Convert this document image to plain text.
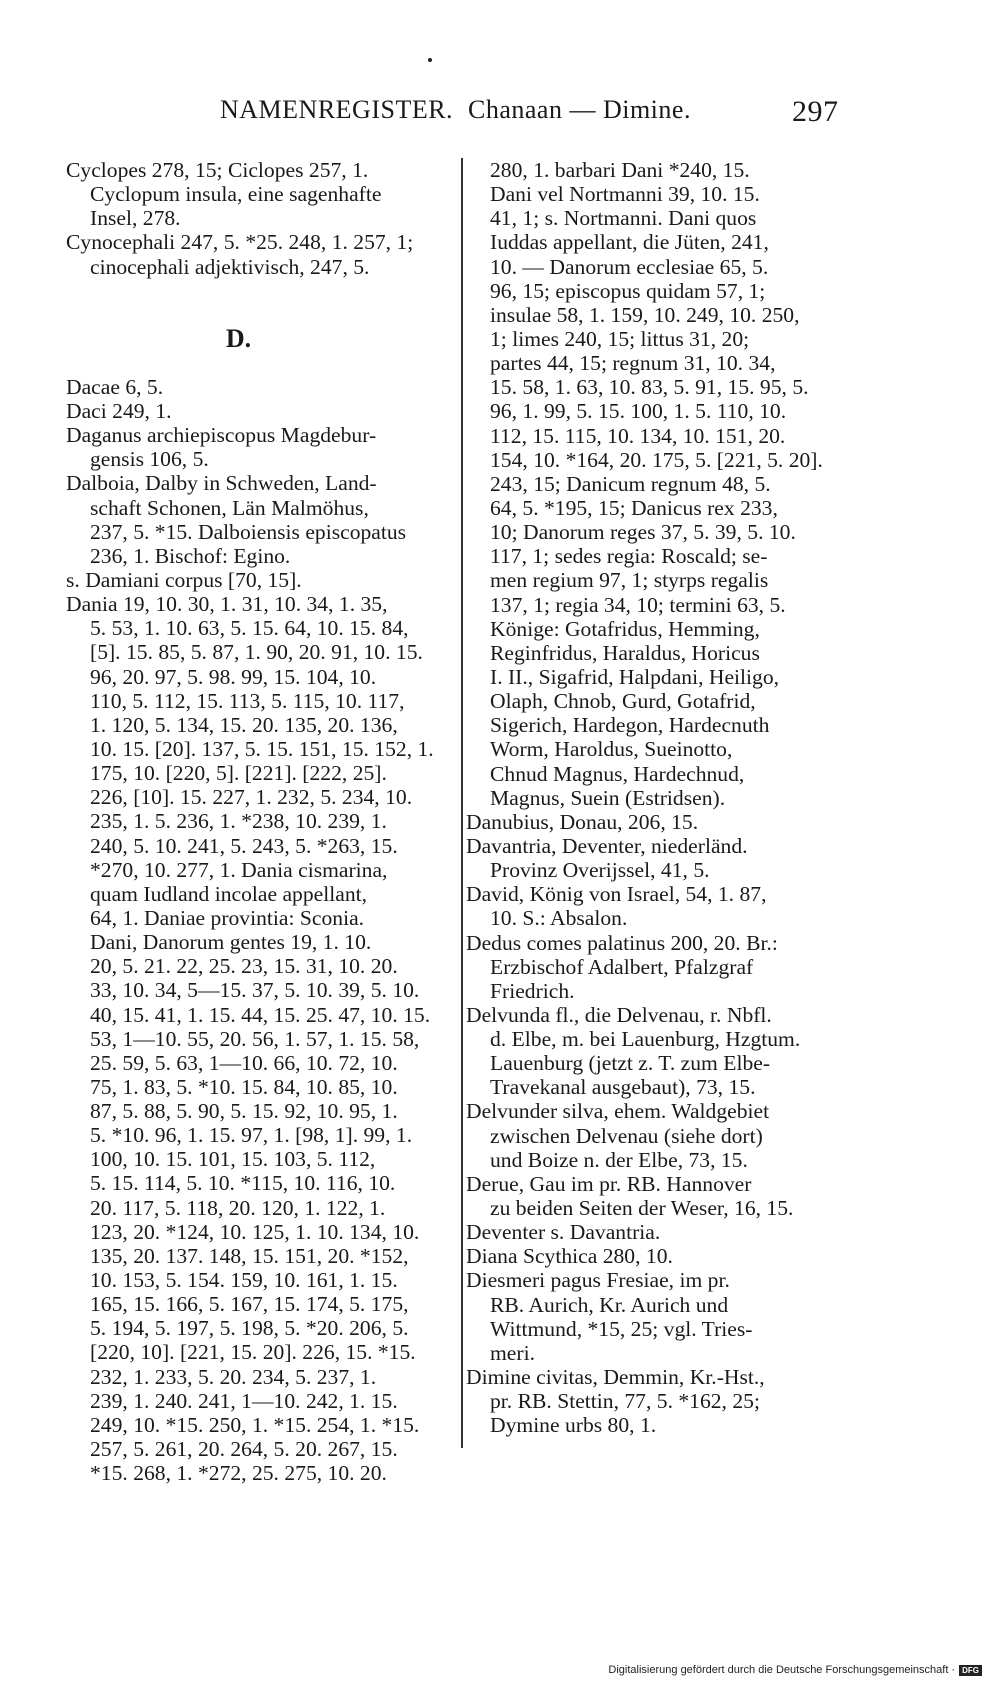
NAMENREGISTER. Chanaan — Dimine.	297
Cyclopes 278, 15; Ciclopes 257, 1.
Cyclopum insula, eine sagenhafte
Insel, 278.
Cynocephali 247, 5. *25. 248, 1. 257, 1;
cinocephali adjektivisch, 247, 5.
D.
Dacae 6, 5.
Daci 249, 1.
Daganus archiepiscopus Magdebur-
gensis 106, 5.
Dalboia, Dalby in Schweden, Land-
schaft Schonen, Län Malmöhus,
237, 5. *15. Dalboiensis episcopatus
236, 1. Bischof: Egino.
s. Damiani corpus [70, 15].
Dania 19, 10. 30, 1. 31, 10. 34, 1. 35,
5. 53, 1. 10. 63, 5. 15. 64, 10. 15. 84,
[5]. 15. 85, 5. 87, 1. 90, 20. 91, 10. 15.
96, 20. 97, 5. 98. 99, 15. 104, 10.
110, 5. 112, 15. 113, 5. 115, 10. 117,
1. 120, 5. 134, 15. 20. 135, 20. 136,
10. 15. [20]. 137, 5. 15. 151, 15. 152, 1.
175, 10. [220, 5]. [221]. [222, 25].
226, [10]. 15. 227, 1. 232, 5. 234, 10.
235, 1. 5. 236, 1. *238, 10. 239, 1.
240, 5. 10. 241, 5. 243, 5. *263, 15.
*270, 10. 277, 1. Dania cismarina,
quam Iudland incolae appellant,
64, 1. Daniae provintia: Sconia.
Dani, Danorum gentes 19, 1. 10.
20, 5. 21. 22, 25. 23, 15. 31, 10. 20.
33, 10. 34, 5—15. 37, 5. 10. 39, 5. 10.
40, 15. 41, 1. 15. 44, 15. 25. 47, 10. 15.
53, 1—10. 55, 20. 56, 1. 57, 1. 15. 58,
25. 59, 5. 63, 1—10. 66, 10. 72, 10.
75, 1. 83, 5. *10. 15. 84, 10. 85, 10.
87, 5. 88, 5. 90, 5. 15. 92, 10. 95, 1.
5. *10. 96, 1. 15. 97, 1. [98, 1]. 99, 1.
100, 10. 15. 101, 15. 103, 5. 112,
5. 15. 114, 5. 10. *115, 10. 116, 10.
20. 117, 5. 118, 20. 120, 1. 122, 1.
123, 20. *124, 10. 125, 1. 10. 134, 10.
135, 20. 137. 148, 15. 151, 20. *152,
10. 153, 5. 154. 159, 10. 161, 1. 15.
165, 15. 166, 5. 167, 15. 174, 5. 175,
5. 194, 5. 197, 5. 198, 5. *20. 206, 5.
[220, 10]. [221, 15. 20]. 226, 15. *15.
232, 1. 233, 5. 20. 234, 5. 237, 1.
239, 1. 240. 241, 1—10. 242, 1. 15.
249, 10. *15. 250, 1. *15. 254, 1. *15.
257, 5. 261, 20. 264, 5. 20. 267, 15.
*15. 268, 1. *272, 25. 275, 10. 20.
280, 1. barbari Dani *240, 15.
Dani vel Nortmanni 39, 10. 15.
41, 1; s. Nortmanni. Dani quos
Iuddas appellant, die Jüten, 241,
10. — Danorum ecclesiae 65, 5.
96, 15; episcopus quidam 57, 1;
insulae 58, 1. 159, 10. 249, 10. 250,
1; limes 240, 15; littus 31, 20;
partes 44, 15; regnum 31, 10. 34,
15. 58, 1. 63, 10. 83, 5. 91, 15. 95, 5.
96, 1. 99, 5. 15. 100, 1. 5. 110, 10.
112, 15. 115, 10. 134, 10. 151, 20.
154, 10. *164, 20. 175, 5. [221, 5. 20].
243, 15; Danicum regnum 48, 5.
64, 5. *195, 15; Danicus rex 233,
10; Danorum reges 37, 5. 39, 5. 10.
117, 1; sedes regia: Roscald; se-
men regium 97, 1; styrps regalis
137, 1; regia 34, 10; termini 63, 5.
Könige: Gotafridus, Hemming,
Reginfridus, Haraldus, Horicus
I. II., Sigafrid, Halpdani, Heiligo,
Olaph, Chnob, Gurd, Gotafrid,
Sigerich, Hardegon, Hardecnuth
Worm, Haroldus, Sueinotto,
Chnud Magnus, Hardechnud,
Magnus, Suein (Estridsen).
Danubius, Donau, 206, 15.
Davantria, Deventer, niederländ.
Provinz Overijssel, 41, 5.
David, König von Israel, 54, 1. 87,
10. S.: Absalon.
Dedus comes palatinus 200, 20. Br.:
Erzbischof Adalbert, Pfalzgraf
Friedrich.
Delvunda fl., die Delvenau, r. Nbfl.
d. Elbe, m. bei Lauenburg, Hzgtum.
Lauenburg (jetzt z. T. zum Elbe-
Travekanal ausgebaut), 73, 15.
Delvunder silva, ehem. Waldgebiet
zwischen Delvenau (siehe dort)
und Boize n. der Elbe, 73, 15.
Derue, Gau im pr. RB. Hannover
zu beiden Seiten der Weser, 16, 15.
Deventer s. Davantria.
Diana Scythica 280, 10.
Diesmeri pagus Fresiae, im pr.
RB. Aurich, Kr. Aurich und
Wittmund, *15, 25; vgl. Tries-
meri.
Dimine civitas, Demmin, Kr.-Hst.,
pr. RB. Stettin, 77, 5. *162, 25;
Dymine urbs 80, 1.
Digitalisierung gefördert durch die Deutsche Forschungsgemeinschaft · DFG
